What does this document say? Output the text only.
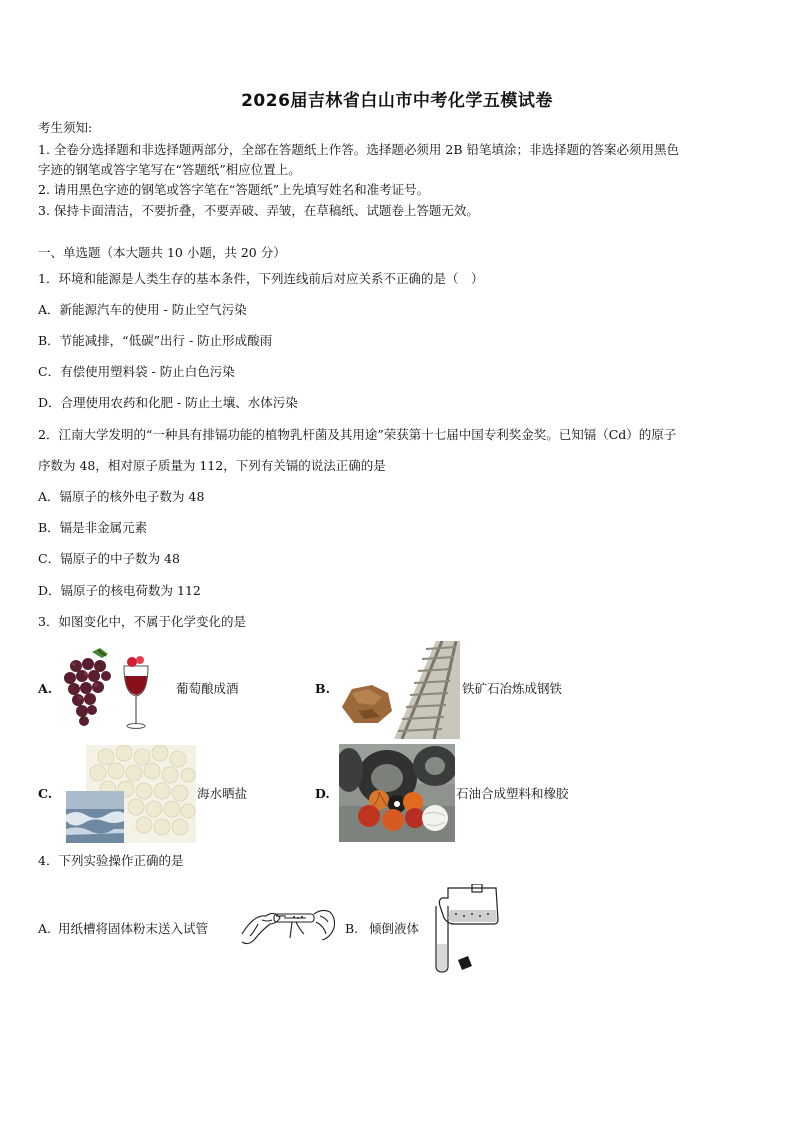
2026届吉林省白山市中考化学五模试卷
考生须知:
1. 全卷分选择题和非选择题两部分，全部在答题纸上作答。选择题必须用 2B 铅笔填涂；非选择题的答案必须用黑色
字迹的钢笔或答字笔写在“答题纸”相应位置上。
2. 请用黑色字迹的钢笔或答字笔在“答题纸”上先填写姓名和准考证号。
3. 保持卡面清洁，不要折叠，不要弄破、弄皱，在草稿纸、试题卷上答题无效。
一、单选题（本大题共 10 小题，共 20 分）
1．环境和能源是人类生存的基本条件，下列连线前后对应关系不正确的是（　）
A．新能源汽车的使用 - 防止空气污染
B．节能减排，“低碳”出行 - 防止形成酸雨
C．有偿使用塑料袋 - 防止白色污染
D．合理使用农药和化肥 - 防止土壤、水体污染
2．江南大学发明的“一种具有排镉功能的植物乳杆菌及其用途”荣获第十七届中国专利奖金奖。已知镉（Cd）的原子
序数为 48，相对原子质量为 112，下列有关镉的说法正确的是
A．镉原子的核外电子数为 48
B．镉是非金属元素
C．镉原子的中子数为 48
D．镉原子的核电荷数为 112
3．如图变化中，不属于化学变化的是
A.	葡萄酿成酒	B.	铁矿石冶炼成钢铁
C.	海水晒盐	D.	石油合成塑料和橡胶
4．下列实验操作正确的是
A. 用纸槽将固体粉末送入试管	B. 倾倒液体
